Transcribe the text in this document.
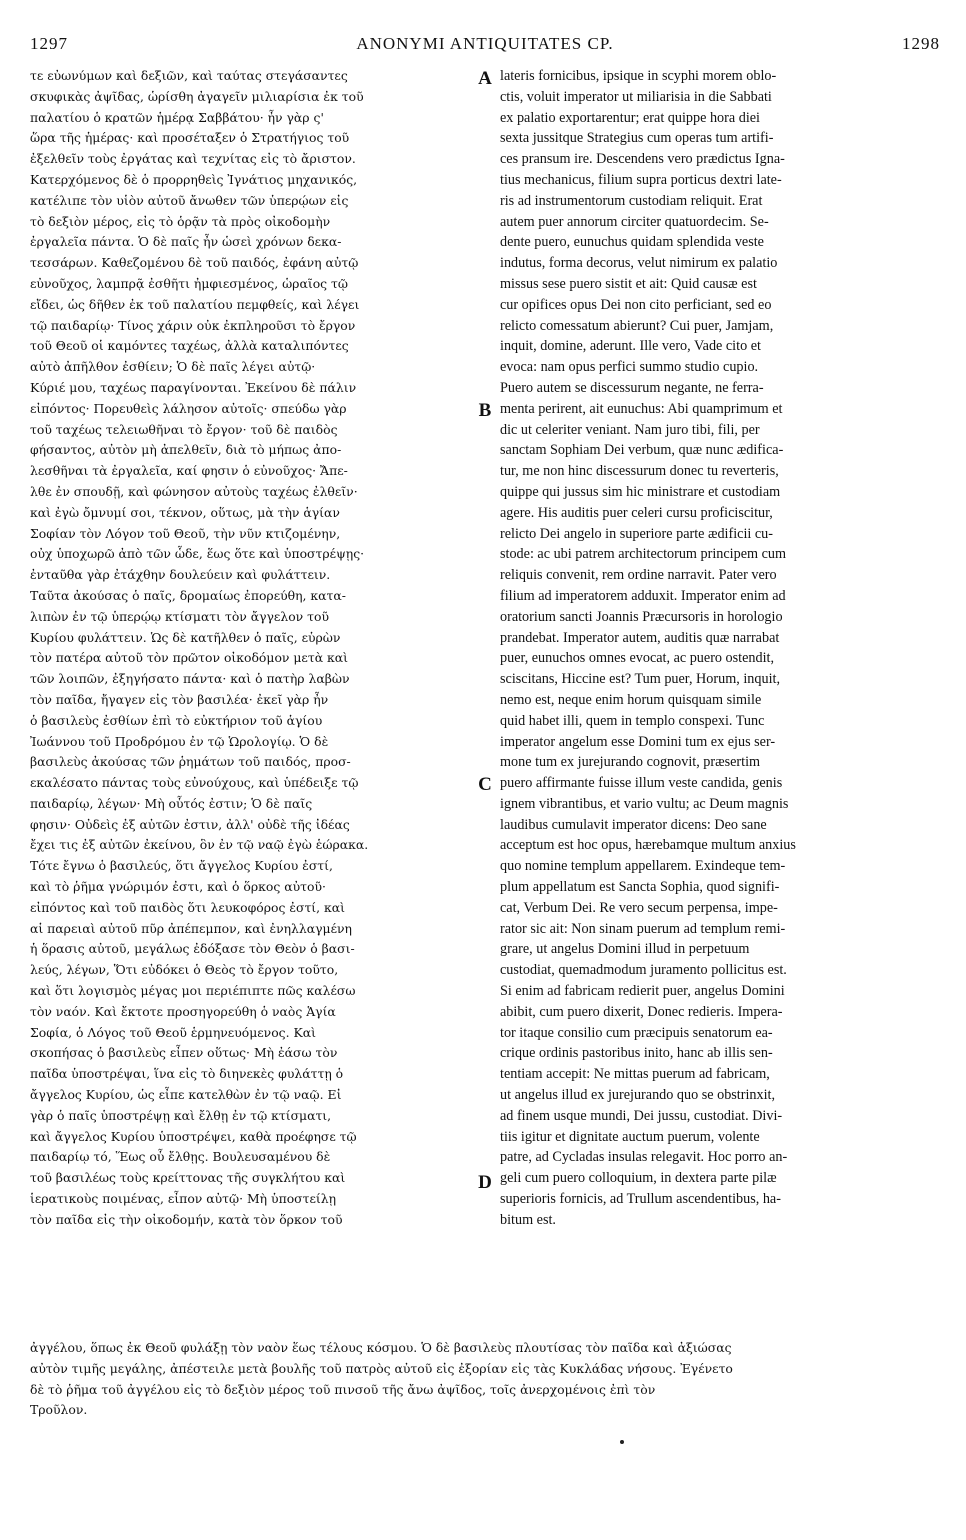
1297	ANONYMI ANTIQUITATES CP.	1298
τε εὐωνύμων καὶ δεξιῶν, καὶ ταύτας στεγάσαντες
σκυφικὰς ἀψῖδας, ὡρίσθη ἀγαγεῖν μιλιαρίσια ἐκ τοῦ
παλατίου ὁ κρατῶν ἡμέρᾳ Σαββάτου· ἦν γὰρ ς'
ὥρα τῆς ἡμέρας· καὶ προσέταξεν ὁ Στρατήγιος τοῦ
ἐξελθεῖν τοὺς ἐργάτας καὶ τεχνίτας εἰς τὸ ἄριστον.
Κατερχόμενος δὲ ὁ προρρηθεὶς Ἰγνάτιος μηχανικός,
κατέλιπε τὸν υἱὸν αὐτοῦ ἄνωθεν τῶν ὑπερῴων εἰς
τὸ δεξιὸν μέρος, εἰς τὸ ὁρᾷν τὰ πρὸς οἰκοδομὴν
ἐργαλεῖα πάντα. Ὁ δὲ παῖς ἦν ὡσεὶ χρόνων δεκα-
τεσσάρων. Καθεζομένου δὲ τοῦ παιδός, ἐφάνη αὐτῷ
εὐνοῦχος, λαμπρᾷ ἐσθῆτι ἠμφιεσμένος, ὡραῖος τῷ
εἴδει, ὡς δῆθεν ἐκ τοῦ παλατίου πεμφθείς, καὶ λέγει
τῷ παιδαρίῳ· Τίνος χάριν οὐκ ἐκπληροῦσι τὸ ἔργον
τοῦ Θεοῦ οἱ καμόντες ταχέως, ἀλλὰ καταλιπόντες
αὐτὸ ἀπῆλθον ἐσθίειν; Ὁ δὲ παῖς λέγει αὐτῷ·
Κύριέ μου, ταχέως παραγίνονται. Ἐκείνου δὲ πάλιν
εἰπόντος· Πορευθεὶς λάλησον αὐτοῖς· σπεύδω γὰρ
τοῦ ταχέως τελειωθῆναι τὸ ἔργον· τοῦ δὲ παιδὸς
φήσαντος, αὐτὸν μὴ ἀπελθεῖν, διὰ τὸ μήπως ἀπο-
λεσθῆναι τὰ ἐργαλεῖα, καί φησιν ὁ εὐνοῦχος· Ἄπε-
λθε ἐν σπουδῇ, καὶ φώνησον αὐτοὺς ταχέως ἐλθεῖν·
καὶ ἐγὼ ὄμνυμί σοι, τέκνον, οὕτως, μὰ τὴν ἁγίαν
Σοφίαν τὸν Λόγον τοῦ Θεοῦ, τὴν νῦν κτιζομένην,
οὐχ ὑποχωρῶ ἀπὸ τῶν ὧδε, ἕως ὅτε καὶ ὑποστρέψῃς·
ἐνταῦθα γὰρ ἐτάχθην δουλεύειν καὶ φυλάττειν.
Ταῦτα ἀκούσας ὁ παῖς, δρομαίως ἐπορεύθη, κατα-
λιπὼν ἐν τῷ ὑπερῴῳ κτίσματι τὸν ἄγγελον τοῦ
Κυρίου φυλάττειν. Ὡς δὲ κατῆλθεν ὁ παῖς, εὑρὼν
τὸν πατέρα αὐτοῦ τὸν πρῶτον οἰκοδόμον μετὰ καὶ
τῶν λοιπῶν, ἐξηγήσατο πάντα· καὶ ὁ πατὴρ λαβὼν
τὸν παῖδα, ἤγαγεν εἰς τὸν βασιλέα· ἐκεῖ γὰρ ἦν
ὁ βασιλεὺς ἐσθίων ἐπὶ τὸ εὐκτήριον τοῦ ἁγίου
Ἰωάννου τοῦ Προδρόμου ἐν τῷ Ὡρολογίῳ. Ὁ δὲ
βασιλεὺς ἀκούσας τῶν ῥημάτων τοῦ παιδός, προσ-
εκαλέσατο πάντας τοὺς εὐνούχους, καὶ ὑπέδειξε τῷ
παιδαρίῳ, λέγων· Μὴ οὗτός ἐστιν; Ὁ δὲ παῖς
φησιν· Οὐδεὶς ἐξ αὐτῶν ἐστιν, ἀλλ' οὐδὲ τῆς ἰδέας
ἔχει τις ἐξ αὐτῶν ἐκείνου, ὃν ἐν τῷ ναῷ ἐγὼ ἑώρακα.
Τότε ἔγνω ὁ βασιλεύς, ὅτι ἄγγελος Κυρίου ἐστί,
καὶ τὸ ῥῆμα γνώριμόν ἐστι, καὶ ὁ ὅρκος αὐτοῦ·
εἰπόντος καὶ τοῦ παιδὸς ὅτι λευκοφόρος ἐστί, καὶ
αἱ παρειαὶ αὐτοῦ πῦρ ἀπέπεμπον, καὶ ἐνηλλαγμένη
ἡ ὅρασις αὐτοῦ, μεγάλως ἐδόξασε τὸν Θεὸν ὁ βασι-
λεύς, λέγων, Ὅτι εὐδόκει ὁ Θεὸς τὸ ἔργον τοῦτο,
καὶ ὅτι λογισμὸς μέγας μοι περιέπιπτε πῶς καλέσω
τὸν ναόν. Καὶ ἔκτοτε προσηγορεύθη ὁ ναὸς Ἁγία
Σοφία, ὁ Λόγος τοῦ Θεοῦ ἑρμηνευόμενος. Καὶ
σκοπήσας ὁ βασιλεὺς εἶπεν οὕτως· Μὴ ἐάσω τὸν
παῖδα ὑποστρέψαι, ἵνα εἰς τὸ διηνεκὲς φυλάττῃ ὁ
ἄγγελος Κυρίου, ὡς εἶπε κατελθὼν ἐν τῷ ναῷ. Εἰ
γὰρ ὁ παῖς ὑποστρέψῃ καὶ ἔλθῃ ἐν τῷ κτίσματι,
καὶ ἄγγελος Κυρίου ὑποστρέψει, καθὰ προέφησε τῷ
παιδαρίῳ τό, Ἕως οὗ ἔλθῃς. Βουλευσαμένου δὲ
τοῦ βασιλέως τοὺς κρείττονας τῆς συγκλήτου καὶ
ἱερατικοὺς ποιμένας, εἶπον αὐτῷ· Μὴ ὑποστείλῃ
τὸν παῖδα εἰς τὴν οἰκοδομήν, κατὰ τὸν ὅρκον τοῦ
lateris fornicibus, ipsique in scyphi morem oblo-
ctis, voluit imperator ut miliarisia in die Sabbati
ex palatio exportarentur; erat quippe hora diei
sexta jussitque Strategius cum operas tum artifi-
ces pransum ire. Descendens vero prædictus Igna-
tius mechanicus, filium supra porticus dextri late-
ris ad instrumentorum custodiam reliquit. Erat
autem puer annorum circiter quatuordecim. Se-
dente puero, eunuchus quidam splendida veste
indutus, forma decorus, velut nimirum ex palatio
missus sese puero sistit et ait: Quid causæ est
cur opifices opus Dei non cito perficiant, sed eo
relicto comessatum abierunt? Cui puer, Jamjam,
inquit, domine, aderunt. Ille vero, Vade cito et
evoca: nam opus perfici summo studio cupio.
Puero autem se discessurum negante, ne ferra-
menta perirent, ait eunuchus: Abi quamprimum et
dic ut celeriter veniant. Nam juro tibi, fili, per
sanctam Sophiam Dei verbum, quæ nunc ædifica-
tur, me non hinc discessurum donec tu reverteris,
quippe qui jussus sim hic ministrare et custodiam
agere. His auditis puer celeri cursu proficiscitur,
relicto Dei angelo in superiore parte ædificii cu-
stode: ac ubi patrem architectorum principem cum
reliquis convenit, rem ordine narravit. Pater vero
filium ad imperatorem adduxit. Imperator enim ad
oratorium sancti Joannis Præcursoris in horologio
prandebat. Imperator autem, auditis quæ narrabat
puer, eunuchos omnes evocat, ac puero ostendit,
sciscitans, Hiccine est? Tum puer, Horum, inquit,
nemo est, neque enim horum quisquam simile
quid habet illi, quem in templo conspexi. Tunc
imperator angelum esse Domini tum ex ejus ser-
mone tum ex jurejurando cognovit, præsertim
puero affirmante fuisse illum veste candida, genis
ignem vibrantibus, et vario vultu; ac Deum magnis
laudibus cumulavit imperator dicens: Deo sane
acceptum est hoc opus, hærebamque multum anxius
quo nomine templum appellarem. Exindeque tem-
plum appellatum est Sancta Sophia, quod signifi-
cat, Verbum Dei. Re vero secum perpensa, impe-
rator sic ait: Non sinam puerum ad templum remi-
grare, ut angelus Domini illud in perpetuum
custodiat, quemadmodum juramento pollicitus est.
Si enim ad fabricam redierit puer, angelus Domini
abibit, cum puero dixerit, Donec redieris. Impera-
tor itaque consilio cum præcipuis senatorum ea-
crique ordinis pastoribus inito, hanc ab illis sen-
tentiam accepit: Ne mittas puerum ad fabricam,
ut angelus illud ex jurejurando quo se obstrinxit,
ad finem usque mundi, Dei jussu, custodiat. Divi-
tiis igitur et dignitate auctum puerum, volente
patre, ad Cycladas insulas relegavit. Hoc porro an-
geli cum puero colloquium, in dextera parte pilæ
superioris fornicis, ad Trullum ascendentibus, ha-
bitum est.
A
B
C
D
ἀγγέλου, ὅπως ἐκ Θεοῦ φυλάξῃ τὸν ναὸν ἕως τέλους κόσμου. Ὁ δὲ βασιλεὺς πλουτίσας τὸν παῖδα καὶ ἀξιώσας
αὐτὸν τιμῆς μεγάλης, ἀπέστειλε μετὰ βουλῆς τοῦ πατρὸς αὐτοῦ εἰς ἐξορίαν εἰς τὰς Κυκλάδας νήσους. Ἐγένετο
δὲ τὸ ῥῆμα τοῦ ἀγγέλου εἰς τὸ δεξιὸν μέρος τοῦ πινσοῦ τῆς ἄνω ἀψῖδος, τοῖς ἀνερχομένοις ἐπὶ τὸν
Τροῦλον.
